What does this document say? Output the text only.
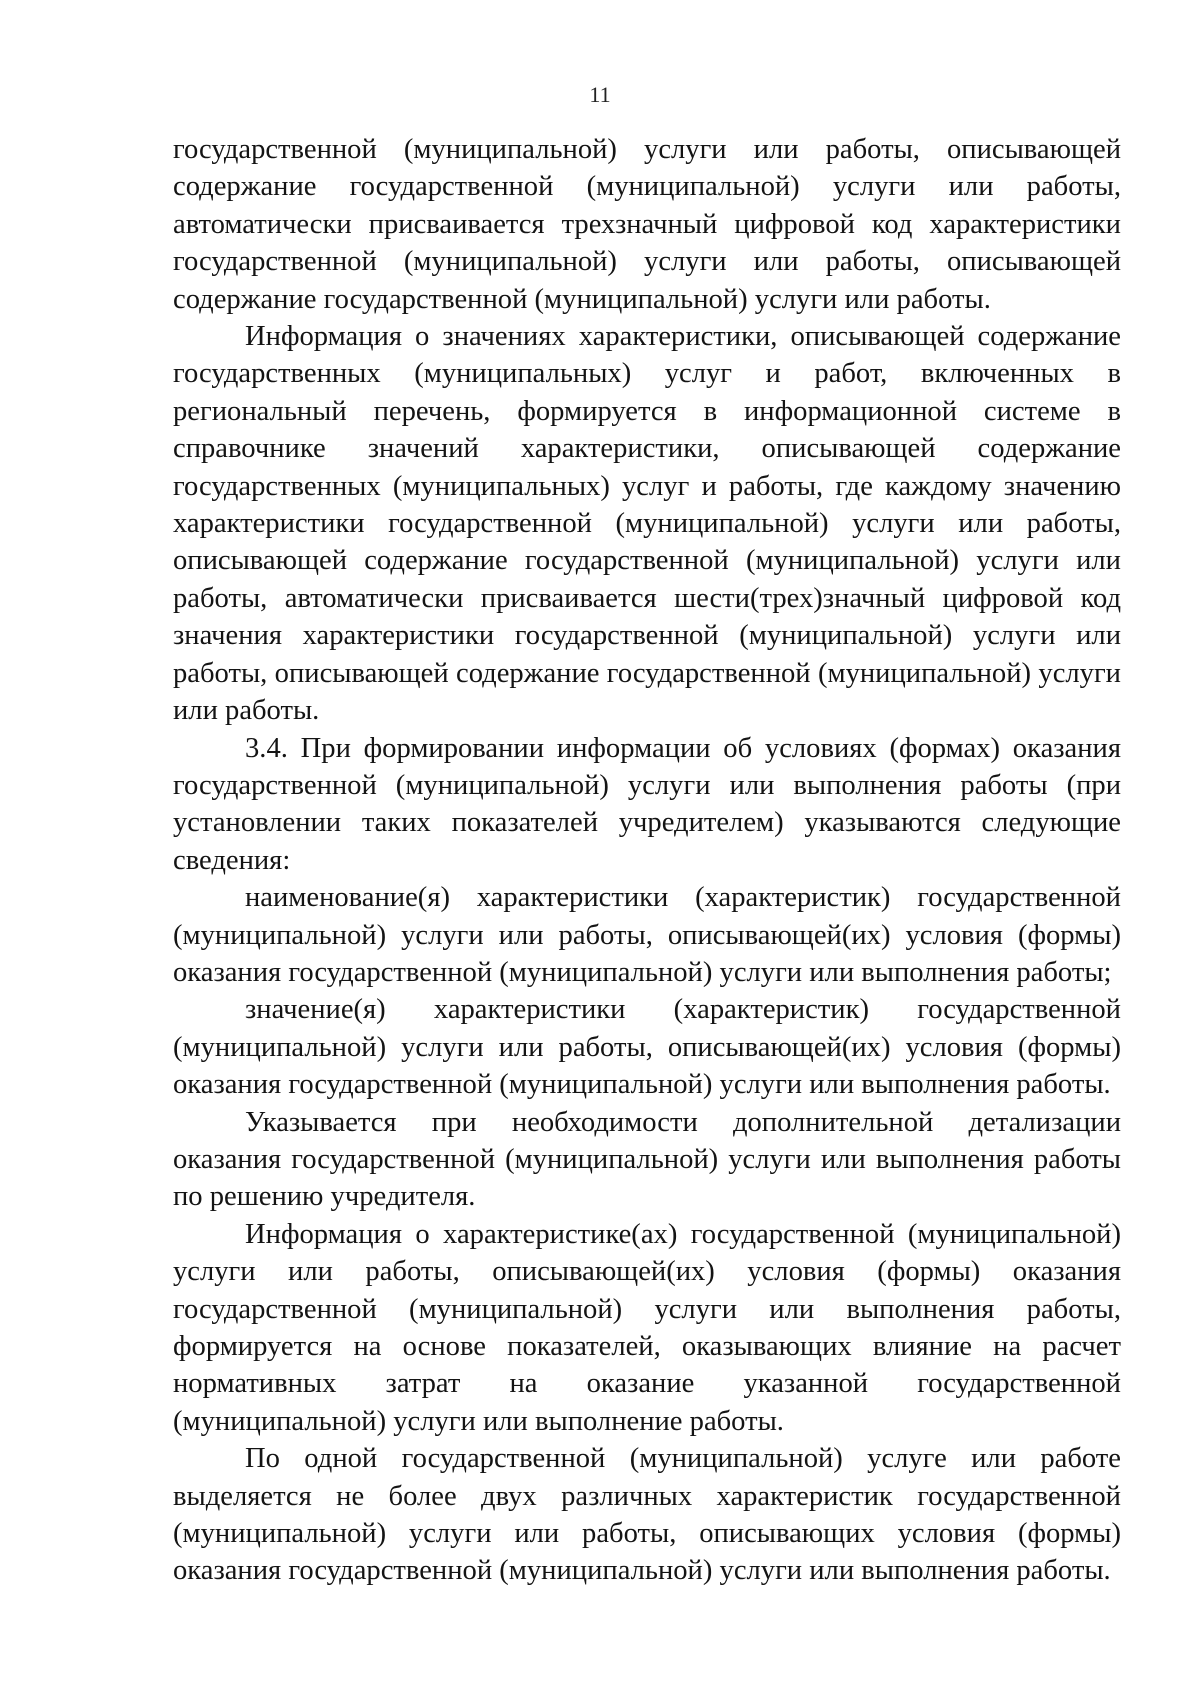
11

государственной (муниципальной) услуги или работы, описывающей содержание государственной (муниципальной) услуги или работы, автоматически присваивается трехзначный цифровой код характеристики государственной (муниципальной) услуги или работы, описывающей содержание государственной (муниципальной) услуги или работы.

Информация о значениях характеристики, описывающей содержание государственных (муниципальных) услуг и работ, включенных в региональный перечень, формируется в информационной системе в справочнике значений характеристики, описывающей содержание государственных (муниципальных) услуг и работы, где каждому значению характеристики государственной (муниципальной) услуги или работы, описывающей содержание государственной (муниципальной) услуги или работы, автоматически присваивается шести(трех)значный цифровой код значения характеристики государственной (муниципальной) услуги или работы, описывающей содержание государственной (муниципальной) услуги или работы.

3.4. При формировании информации об условиях (формах) оказания государственной (муниципальной) услуги или выполнения работы (при установлении таких показателей учредителем) указываются следующие сведения:

наименование(я) характеристики (характеристик) государственной (муниципальной) услуги или работы, описывающей(их) условия (формы) оказания государственной (муниципальной) услуги или выполнения работы;

значение(я) характеристики (характеристик) государственной (муниципальной) услуги или работы, описывающей(их) условия (формы) оказания государственной (муниципальной) услуги или выполнения работы.

Указывается при необходимости дополнительной детализации оказания государственной (муниципальной) услуги или выполнения работы по решению учредителя.

Информация о характеристике(ах) государственной (муниципальной) услуги или работы, описывающей(их) условия (формы) оказания государственной (муниципальной) услуги или выполнения работы, формируется на основе показателей, оказывающих влияние на расчет нормативных затрат на оказание указанной государственной (муниципальной) услуги или выполнение работы.

По одной государственной (муниципальной) услуге или работе выделяется не более двух различных характеристик государственной (муниципальной) услуги или работы, описывающих условия (формы) оказания государственной (муниципальной) услуги или выполнения работы.
